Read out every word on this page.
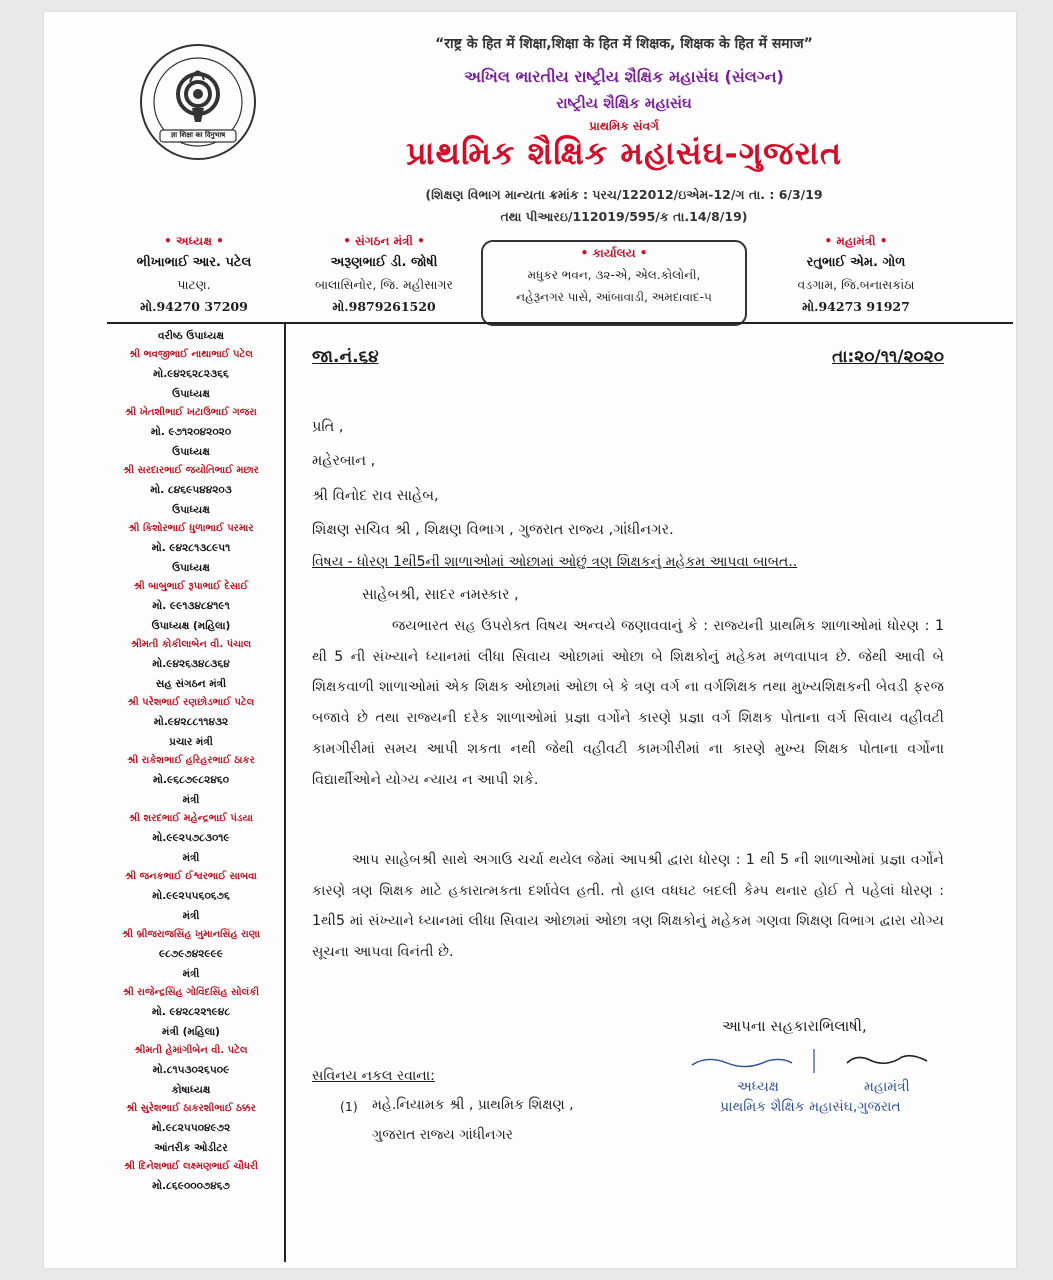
ज्ञा शिक्षा का दिनुभाष
“राष्ट्र के हित में शिक्षा,शिक्षा के हित में शिक्षक, शिक्षक के हित में समाज”
અખિલ ભારતીય રાષ્ટ્રીય શૈક્ષિક મહાસંઘ (સંલગ્ન)
રાષ્ટ્રીય શૈક્ષિક મહાસંઘ
પ્રાથમિક સંવર્ગ
પ્રાથમિક શૈક્ષિક મહાસંઘ-ગુજરાત
(શિક્ષણ વિભાગ માન્યતા ક્રમાંક : પરચ/122012/ઇએમ-12/ગ તા. : 6/3/19
તથા પીઆરઇ/112019/595/ક તા.14/8/19)
• અધ્યક્ષ •
ભીખાભાઈ આર. પટેલ
પાટણ.
મો.94270 37209
• સંગઠન મંત્રી •
અરૂણભાઈ ડી. જોષી
બાલાસિનોર, જિ. મહીસાગર
મો.9879261520
• કાર્યાલય •
મધુકર ભવન, ૩૨-એ, એલ.કોલોની,
નહેરૂનગર પાસે, આંબાવાડી, અમદાવાદ-૫
• મહામંત્રી •
રતુભાઈ એમ. ગોળ
વડગામ, જિ.બનાસકાંઠા
મો.94273 91927
વરીષ્ઠ ઉપાધ્યક્ષ
શ્રી ભવજીભાઈ નાથાભાઈ પટેલ
મો.૯૪૨૬૨૮૨૩૬૬
ઉપાધ્યક્ષ
શ્રી ખેતશીભાઈ ખટાઉભાઈ ગજરા
મો. ૯૭૧૨૦૪૨૦૨૦
ઉપાધ્યક્ષ
શ્રી સરદારભાઈ જયોતિભાઈ મછાર
મો. ૮૪૬૯૫૪૪૨૦૩
ઉપાધ્યક્ષ
શ્રી કિશોરભાઈ ધુળાભાઈ પરમાર
મો. ૯૪૨૮૧૩૮૯૫૧
ઉપાધ્યક્ષ
શ્રી બાબુભાઈ રૂપાભાઈ દેસાઈ
મો. ૯૯૧૩૪૮૪૧૯૧
ઉપાધ્યક્ષ (મહિલા)
શ્રીમતી કોકીલાબેન વી. પંચાલ
મો.૯૪૨૬૩૪૮૩૬૪
સહ સંગઠન મંત્રી
શ્રી પરેશભાઈ રણછોડભાઈ પટેલ
મો.૯૪૨૮૮૧૧૪૩૨
પ્રચાર મંત્રી
શ્રી રાકેશભાઈ હરિહરભાઈ ઠાકર
મો.૯૬૮૭૯૮૨૪૬૦
મંત્રી
શ્રી શરદભાઈ મહેન્દ્રભાઈ પંડયા
મો.૯૯૨૫૭૮૩૦૧૯
મંત્રી
શ્રી જનકભાઈ ઈશ્વરભાઈ સાબવા
મો.૯૯૨૫૫૬૦૬૭૬
મંત્રી
શ્રી બ્રીજરાજસિંહ ખુમાનસિંહ રાણા
૯૮૭૯૭૪૨૯૯૯
મંત્રી
શ્રી રાજેન્દ્રસિંહ ગોવિંદસિંહ સોલંકી
મો. ૯૪૨૮૨૨૧૯૪૮
મંત્રી (મહિલા)
શ્રીમતી હેમાંગીબેન વી. પટેલ
મો.૮૧૫૩૦૨૬૫૦૯
કોષાધ્યક્ષ
શ્રી સુરેશભાઈ ઠાકરશીભાઈ ઠક્કર
મો.૯૮૨૫૫૦૪૯૭૨
આંતરીક ઓડીટર
શ્રી દિનેશભાઈ લક્ષ્મણભાઈ ચૌધરી
મો.૮૬૯૦૦૦૭૪૬૭
જા.નં.૬૪	તા:૨૦/૧૧/૨૦૨૦
પ્રતિ ,
મહેરબાન ,
શ્રી વિનોદ રાવ સાહેબ,
શિક્ષણ સચિવ શ્રી , શિક્ષણ વિભાગ , ગુજરાત રાજ્ય ,ગાંધીનગર.
વિષય - ધોરણ 1થી5ની શાળાઓમાં ઓછામાં ઓછું ત્રણ શિક્ષકનું મહેકમ આપવા બાબત..
સાહેબશ્રી, સાદર નમસ્કાર ,
જયભારત સહ ઉપરોક્ત વિષય અન્વયે જણાવવાનું કે : રાજ્યની પ્રાથમિક શાળાઓમાં ધોરણ : 1 થી 5 ની સંખ્યાને ધ્યાનમાં લીધા સિવાય ઓછામાં ઓછા બે શિક્ષકોનું મહેકમ મળવાપાત્ર છે. જેથી આવી બે શિક્ષકવાળી શાળાઓમાં એક શિક્ષક ઓછામાં ઓછા બે કે ત્રણ વર્ગ ના વર્ગશિક્ષક તથા મુખ્યશિક્ષકની બેવડી ફરજ બજાવે છે તથા રાજ્યની દરેક શાળાઓમાં પ્રજ્ઞા વર્ગોને કારણે પ્રજ્ઞા વર્ગ શિક્ષક પોતાના વર્ગ સિવાય વહીવટી કામગીરીમાં સમય આપી શકતા નથી જેથી વહીવટી કામગીરીમાં ના કારણે મુખ્ય શિક્ષક પોતાના વર્ગોના વિદ્યાર્થીઓને યોગ્ય ન્યાય ન આપી શકે.
આપ સાહેબશ્રી સાથે અગાઉ ચર્ચા થયેલ જેમાં આપશ્રી દ્વારા ધોરણ : 1 થી 5 ની શાળાઓમાં પ્રજ્ઞા વર્ગોને કારણે ત્રણ શિક્ષક માટે હકારાત્મકતા દર્શાવેલ હતી. તો હાલ વધઘટ બદલી કેમ્પ થનાર હોઈ તે પહેલાં ધોરણ : 1થી5 માં સંખ્યાને ધ્યાનમાં લીધા સિવાય ઓછામાં ઓછા ત્રણ શિક્ષકોનું મહેકમ ગણવા શિક્ષણ વિભાગ દ્વારા યોગ્ય સૂચના આપવા વિનંતી છે.
આપના સહકારાભિલાષી,
અધ્યક્ષ	મહામંત્રી
પ્રાથમિક શૈક્ષિક મહાસંઘ,ગુજરાત
સવિનય નકલ રવાના:
(1) મહે.નિયામક શ્રી , પ્રાથમિક શિક્ષણ ,
ગુજરાત રાજ્ય ગાંધીનગર
